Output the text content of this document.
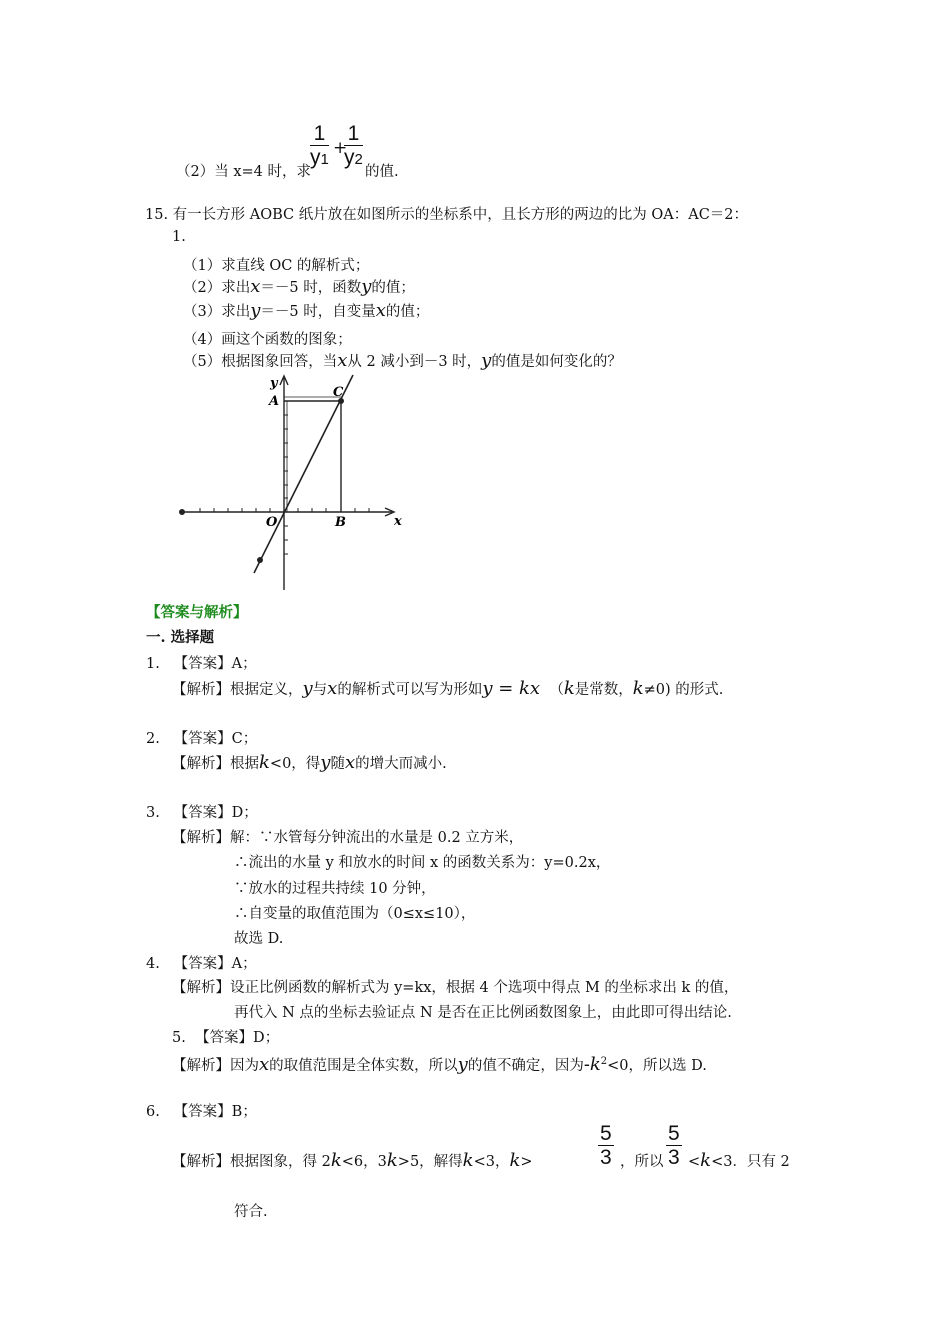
（2）当 x=4 时，求
$\frac{1}{y1}$ +
$\frac{1}{y2}$
的值.
15. 有一长方形 AOBC 纸片放在如图所示的坐标系中，且长方形的两边的比为 OA：AC＝2：
1.
（1）求直线 OC 的解析式；
（2）求出x＝－5 时，函数y的值；
（3）求出y＝－5 时，自变量x的值；
（4）画这个函数的图象；
（5）根据图象回答，当x从 2 减小到－3 时，y的值是如何变化的？
y
A
C
O	B	x
【答案与解析】
一. 选择题
1. 【答案】A；
【解析】根据定义，y与x的解析式可以写为形如y = kx （k是常数，k≠0) 的形式.
2. 【答案】C；
【解析】根据k<0，得y随x的增大而减小.
3. 【答案】D；
【解析】解：∵水管每分钟流出的水量是 0.2 立方米，
∴流出的水量 y 和放水的时间 x 的函数关系为：y=0.2x，
∵放水的过程共持续 10 分钟，
∴自变量的取值范围为（0≤x≤10），
故选 D.
4. 【答案】A；
【解析】设正比例函数的解析式为 y=kx，根据 4 个选项中得点 M 的坐标求出 k 的值，
再代入 N 点的坐标去验证点 N 是否在正比例函数图象上，由此即可得出结论.
5. 【答案】D；
【解析】因为x的取值范围是全体实数，所以y的值不确定，因为$-k^2<0$，所以选 D.
6. 【答案】B；
【解析】根据图象，得 2k<6，3k>5，解得k<3，k>	$\frac{5}{3}$ ，所以 $\frac{5}{3} <k<3$．只有 2
符合.
